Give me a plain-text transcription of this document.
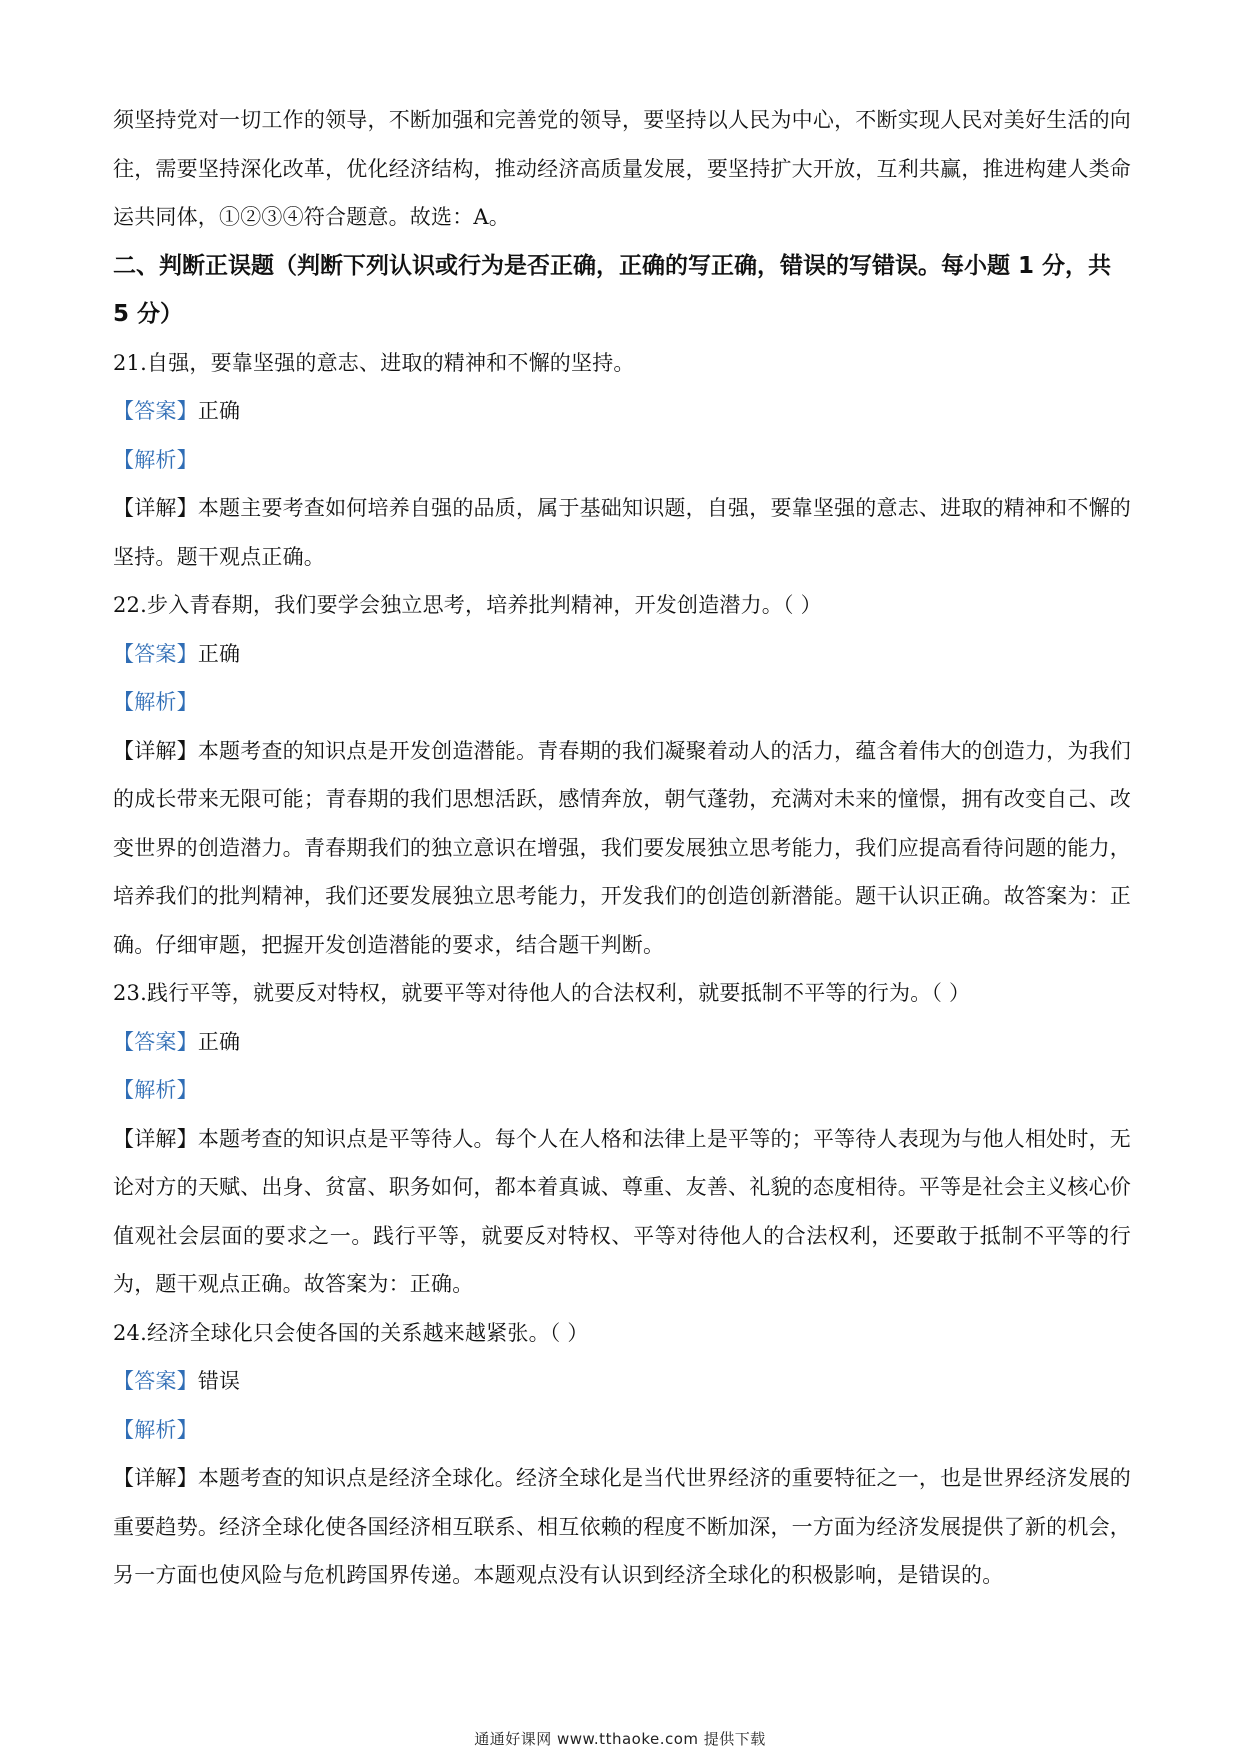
须坚持党对一切工作的领导，不断加强和完善党的领导，要坚持以人民为中心，不断实现人民对美好生活的向往，需要坚持深化改革，优化经济结构，推动经济高质量发展，要坚持扩大开放，互利共赢，推进构建人类命运共同体，①②③④符合题意。故选：A。

二、判断正误题（判断下列认识或行为是否正确，正确的写正确，错误的写错误。每小题 1 分，共 5 分）

21.自强，要靠坚强的意志、进取的精神和不懈的坚持。

【答案】正确

【解析】

【详解】本题主要考查如何培养自强的品质，属于基础知识题，自强，要靠坚强的意志、进取的精神和不懈的坚持。题干观点正确。

22.步入青春期，我们要学会独立思考，培养批判精神，开发创造潜力。（ ）

【答案】正确

【解析】

【详解】本题考查的知识点是开发创造潜能。青春期的我们凝聚着动人的活力，蕴含着伟大的创造力，为我们的成长带来无限可能；青春期的我们思想活跃，感情奔放，朝气蓬勃，充满对未来的憧憬，拥有改变自己、改变世界的创造潜力。青春期我们的独立意识在增强，我们要发展独立思考能力，我们应提高看待问题的能力，培养我们的批判精神，我们还要发展独立思考能力，开发我们的创造创新潜能。题干认识正确。故答案为：正确。仔细审题，把握开发创造潜能的要求，结合题干判断。

23.践行平等，就要反对特权，就要平等对待他人的合法权利，就要抵制不平等的行为。（ ）

【答案】正确

【解析】

【详解】本题考查的知识点是平等待人。每个人在人格和法律上是平等的；平等待人表现为与他人相处时，无论对方的天赋、出身、贫富、职务如何，都本着真诚、尊重、友善、礼貌的态度相待。平等是社会主义核心价值观社会层面的要求之一。践行平等，就要反对特权、平等对待他人的合法权利，还要敢于抵制不平等的行为，题干观点正确。故答案为：正确。

24.经济全球化只会使各国的关系越来越紧张。（ ）

【答案】错误

【解析】

【详解】本题考查的知识点是经济全球化。经济全球化是当代世界经济的重要特征之一，也是世界经济发展的重要趋势。经济全球化使各国经济相互联系、相互依赖的程度不断加深，一方面为经济发展提供了新的机会，另一方面也使风险与危机跨国界传递。本题观点没有认识到经济全球化的积极影响，是错误的。

通通好课网 www.tthaoke.com 提供下载
